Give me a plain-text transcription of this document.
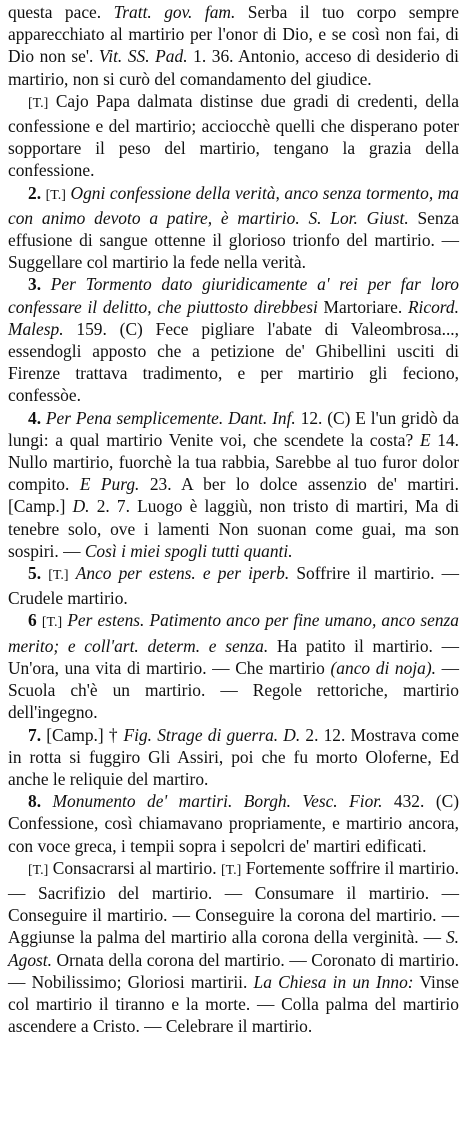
questa pace. Tratt. gov. fam. Serba il tuo corpo sempre apparecchiato al martirio per l'onor di Dio, e se così non fai, di Dio non se'. Vit. SS. Pad. 1. 36. Antonio, acceso di desiderio di martirio, non si curò del comandamento del giudice.

[T.] Cajo Papa dalmata distinse due gradi di credenti, della confessione e del martirio; acciocchè quelli che disperano poter sopportare il peso del martirio, tengano la grazia della confessione.

2. [T.] Ogni confessione della verità, anco senza tormento, ma con animo devoto a patire, è martirio. S. Lor. Giust. Senza effusione di sangue ottenne il glorioso trionfo del martirio. — Suggellare col martirio la fede nella verità.

3. Per Tormento dato giuridicamente a' rei per far loro confessare il delitto, che piuttosto direbbesi Martoriare. Ricord. Malesp. 159. (C) Fece pigliare l'abate di Valeombrosa..., essendogli apposto che a petizione de' Ghibellini usciti di Firenze trattava tradimento, e per martirio gli feciono, confessòe.

4. Per Pena semplicemente. Dant. Inf. 12. (C) E l'un gridò da lungi: a qual martirio Venite voi, che scendete la costa? E 14. Nullo martirio, fuorchè la tua rabbia, Sarebbe al tuo furor dolor compito. E Purg. 23. A ber lo dolce assenzio de' martiri. [Camp.] D. 2. 7. Luogo è laggiù, non tristo di martiri, Ma di tenebre solo, ove i lamenti Non suonan come guai, ma son sospiri. — Così i miei spogli tutti quanti.

5. [T.] Anco per estens. e per iperb. Soffrire il martirio. — Crudele martirio.

6 [T.] Per estens. Patimento anco per fine umano, anco senza merito; e coll'art. determ. e senza. Ha patito il martirio. — Un'ora, una vita di martirio. — Che martirio (anco di noja). — Scuola ch'è un martirio. — Regole rettoriche, martirio dell'ingegno.

7. [Camp.] † Fig. Strage di guerra. D. 2. 12. Mostrava come in rotta si fuggiro Gli Assiri, poi che fu morto Oloferne, Ed anche le reliquie del martiro.

8. Monumento de' martiri. Borgh. Vesc. Fior. 432. (C) Confessione, così chiamavano propriamente, e martirio ancora, con voce greca, i tempii sopra i sepolcri de' martiri edificati.

[T.] Consacrarsi al martirio. [T.] Fortemente soffrire il martirio. — Sacrifizio del martirio. — Consumare il martirio. — Conseguire il martirio. — Conseguire la corona del martirio. — Aggiunse la palma del martirio alla corona della verginità. — S. Agost. Ornata della corona del martirio. — Coronato di martirio. — Nobilissimo; Gloriosi martirii. La Chiesa in un Inno: Vinse col martirio il tiranno e la morte. — Colla palma del martirio ascendere a Cristo. — Celebrare il martirio.
